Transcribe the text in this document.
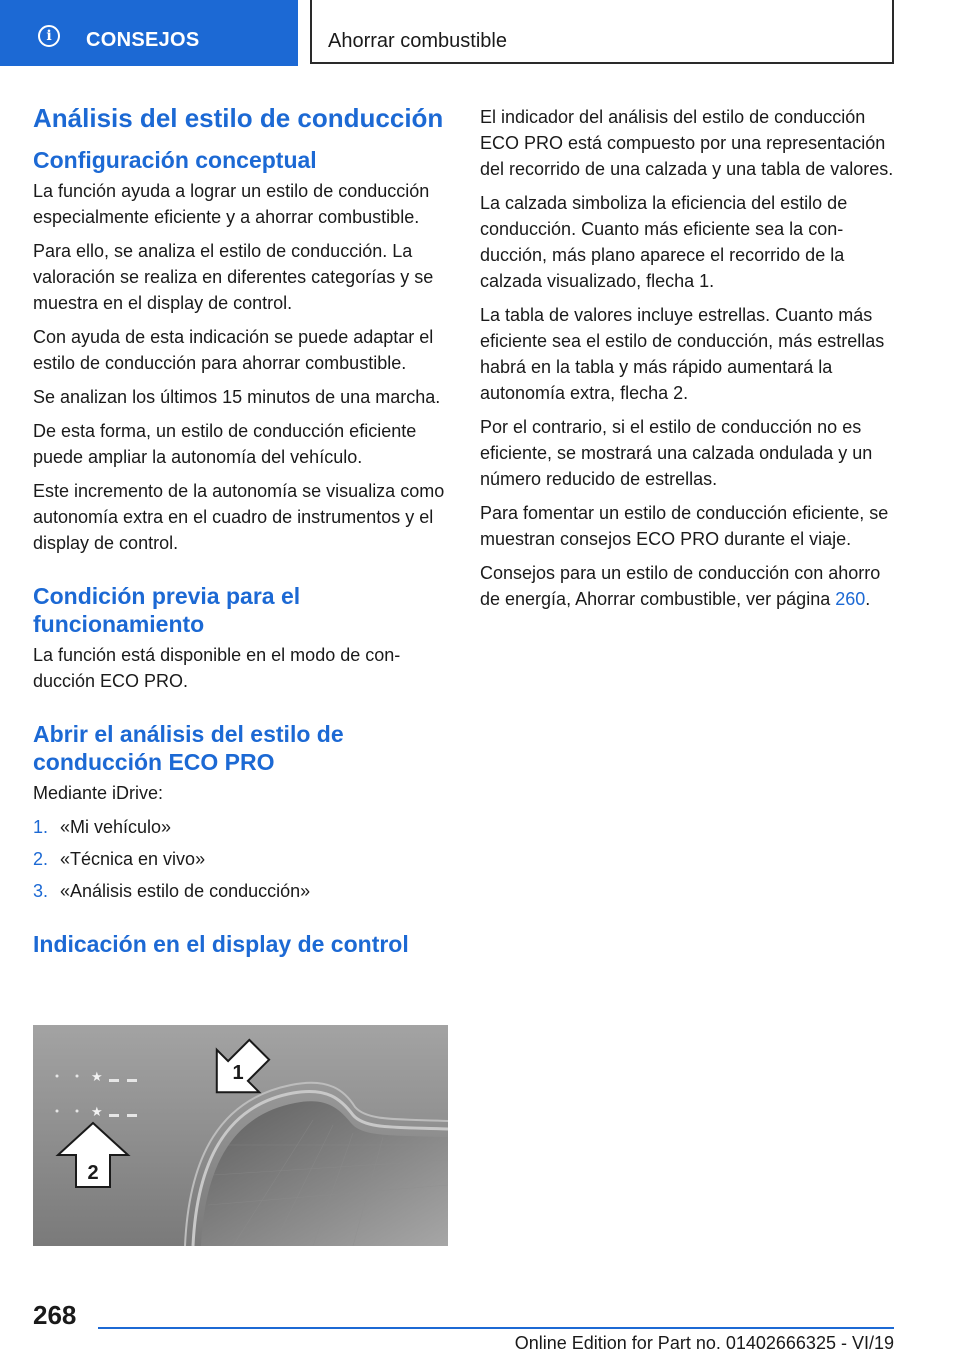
i	CONSEJOS	Ahorrar combustible
Análisis del estilo de conducción
Configuración conceptual

La función ayuda a lograr un estilo de conducción especialmente eficiente y a ahorrar combustible.

Para ello, se analiza el estilo de conducción. La valoración se realiza en diferentes categorías y se muestra en el display de control.

Con ayuda de esta indicación se puede adaptar el estilo de conducción para ahorrar combustible.

Se analizan los últimos 15 minutos de una marcha.

De esta forma, un estilo de conducción eficiente puede ampliar la autonomía del vehículo.

Este incremento de la autonomía se visualiza como autonomía extra en el cuadro de instrumentos y el display de control.

Condición previa para el funcionamiento

La función está disponible en el modo de conducción ECO PRO.

Abrir el análisis del estilo de conducción ECO PRO

Mediante iDrive:

1. «Mi vehículo»
2. «Técnica en vivo»
3. «Análisis estilo de conducción»
Indicación en el display de control
★
★
1
2

El indicador del análisis del estilo de conducción ECO PRO está compuesto por una representación del recorrido de una calzada y una tabla de valores.

La calzada simboliza la eficiencia del estilo de conducción. Cuanto más eficiente sea la conducción, más plano aparece el recorrido de la calzada visualizado, flecha 1.

La tabla de valores incluye estrellas. Cuanto más eficiente sea el estilo de conducción, más estrellas habrá en la tabla y más rápido aumentará la autonomía extra, flecha 2.

Por el contrario, si el estilo de conducción no es eficiente, se mostrará una calzada ondulada y un número reducido de estrellas.

Para fomentar un estilo de conducción eficiente, se muestran consejos ECO PRO durante el viaje.

Consejos para un estilo de conducción con ahorro de energía, Ahorrar combustible, ver página 260.

268
Online Edition for Part no. 01402666325 - VI/19
